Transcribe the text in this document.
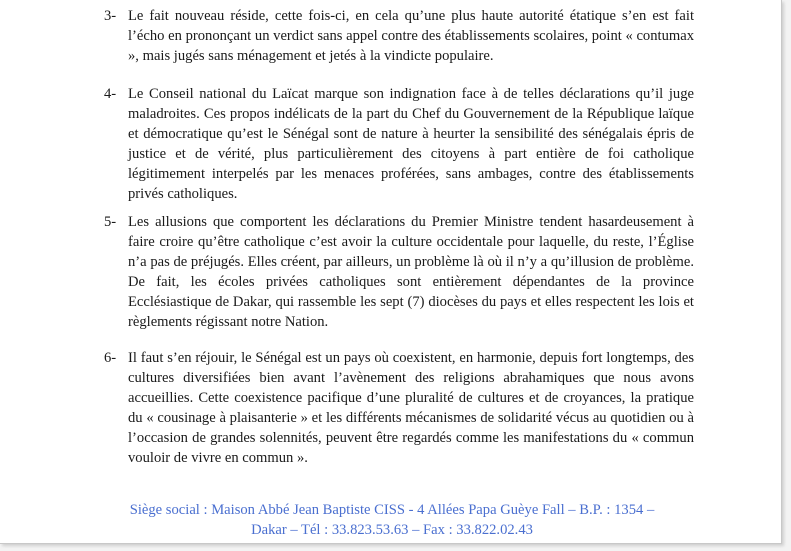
3- Le fait nouveau réside, cette fois-ci, en cela qu’une plus haute autorité étatique s’en est fait l’écho en prononçant un verdict sans appel contre des établissements scolaires, point « contumax », mais jugés sans ménagement et jetés à la vindicte populaire.
4- Le Conseil national du Laïcat marque son indignation face à de telles déclarations qu’il juge maladroites. Ces propos indélicats de la part du Chef du Gouvernement de la République laïque et démocratique qu’est le Sénégal sont de nature à heurter la sensibilité des sénégalais épris de justice et de vérité, plus particulièrement des citoyens à part entière de foi catholique légitimement interpelés par les menaces proférées, sans ambages, contre des établissements privés catholiques.
5- Les allusions que comportent les déclarations du Premier Ministre tendent hasardeusement à faire croire qu’être catholique c’est avoir la culture occidentale pour laquelle, du reste, l’Église n’a pas de préjugés. Elles créent, par ailleurs, un problème là où il n’y a qu’illusion de problème. De fait, les écoles privées catholiques sont entièrement dépendantes de la province Ecclésiastique de Dakar, qui rassemble les sept (7) diocèses du pays et elles respectent les lois et règlements régissant notre Nation.
6- Il faut s’en réjouir, le Sénégal est un pays où coexistent, en harmonie, depuis fort longtemps, des cultures diversifiées bien avant l’avènement des religions abrahamiques que nous avons accueillies. Cette coexistence pacifique d’une pluralité de cultures et de croyances, la pratique du « cousinage à plaisanterie » et les différents mécanismes de solidarité vécus au quotidien ou à l’occasion de grandes solennités, peuvent être regardés comme les manifestations du « commun vouloir de vivre en commun ».
Siège social : Maison Abbé Jean Baptiste CISS - 4 Allées Papa Guèye Fall – B.P. : 1354 –
Dakar – Tél : 33.823.53.63 – Fax : 33.822.02.43
